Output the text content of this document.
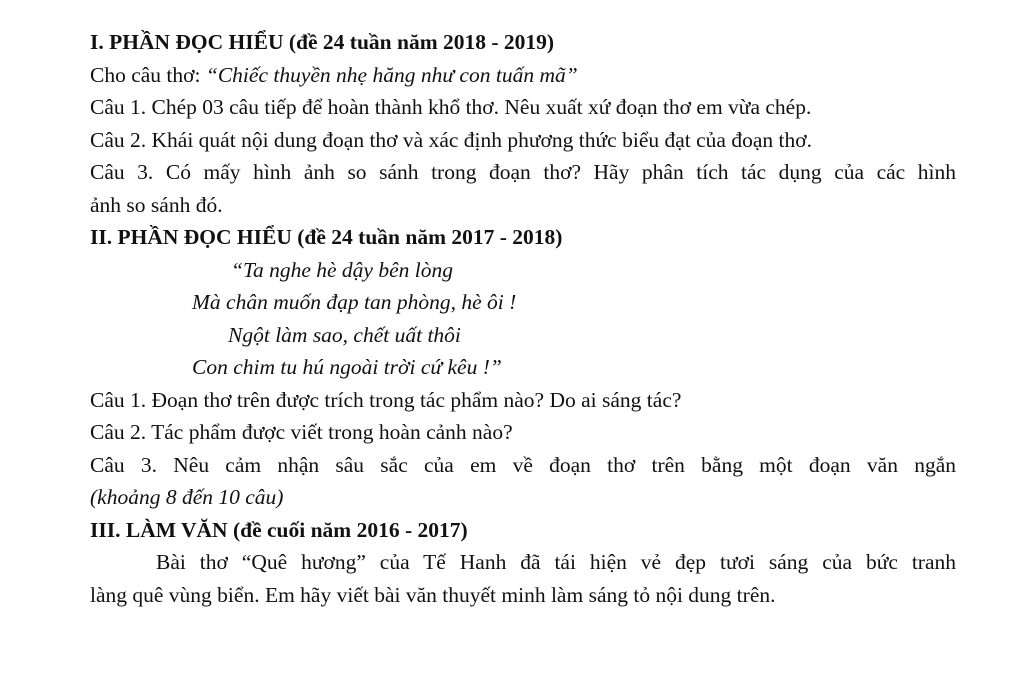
I. PHẦN ĐỌC HIỂU (đề 24 tuần năm 2018 - 2019)
Cho câu thơ: “Chiếc thuyền nhẹ hăng như con tuấn mã”
Câu 1. Chép 03 câu tiếp để hoàn thành khổ thơ. Nêu xuất xứ đoạn thơ em vừa chép.
Câu 2. Khái quát nội dung đoạn thơ và xác định phương thức biểu đạt của đoạn thơ.
Câu 3. Có mấy hình ảnh so sánh trong đoạn thơ? Hãy phân tích tác dụng của các hình
ảnh so sánh đó.
II. PHẦN ĐỌC HIỂU (đề 24 tuần năm 2017 - 2018)
“Ta nghe hè dậy bên lòng
Mà chân muốn đạp tan phòng, hè ôi !
Ngột làm sao, chết uất thôi
Con chim tu hú ngoài trời cứ kêu !”
Câu 1. Đoạn thơ trên được trích trong tác phẩm nào? Do ai sáng tác?
Câu 2. Tác phẩm được viết trong hoàn cảnh nào?
Câu 3. Nêu cảm nhận sâu sắc của em về đoạn thơ trên bằng một đoạn văn ngắn
(khoảng 8 đến 10 câu)
III. LÀM VĂN (đề cuối năm 2016 - 2017)
Bài thơ “Quê hương” của Tế Hanh đã tái hiện vẻ đẹp tươi sáng của bức tranh
làng quê vùng biển. Em hãy viết bài văn thuyết minh làm sáng tỏ nội dung trên.
